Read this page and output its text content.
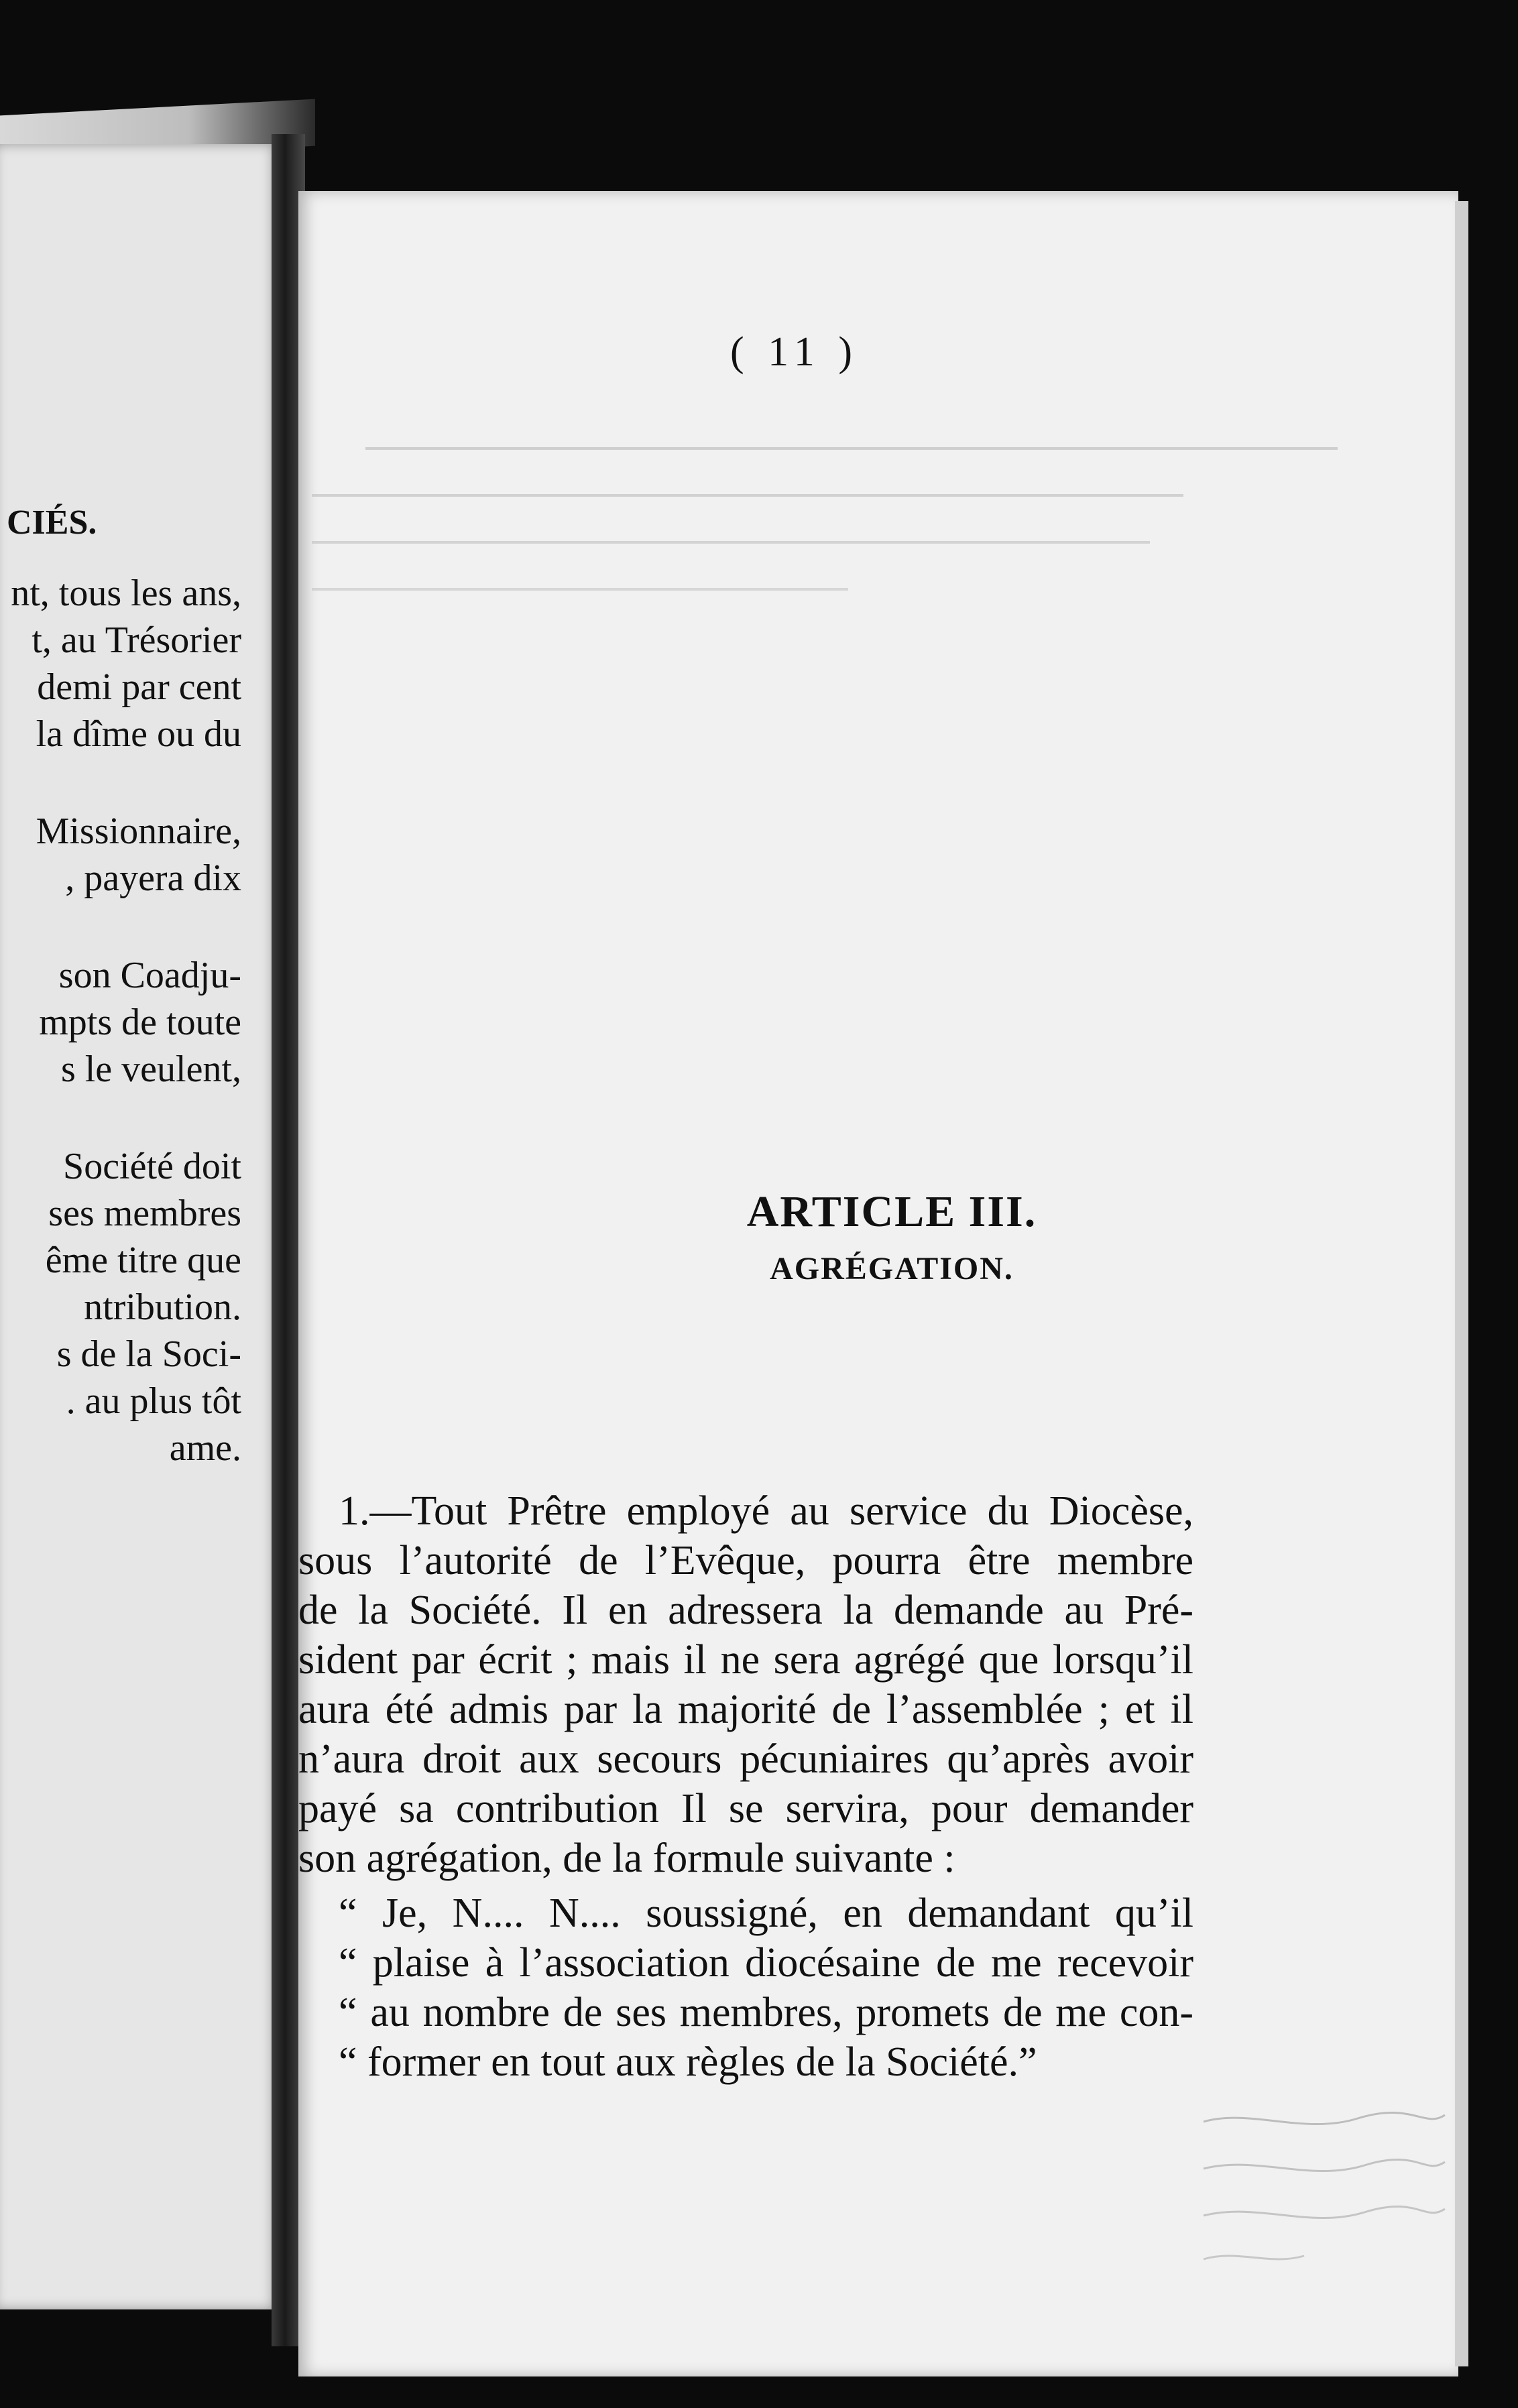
CIÉS.
nt, tous les ans,
t, au Trésorier
demi par cent
la dîme ou du
Missionnaire,
, payera dix
son Coadju-
mpts de toute
s le veulent,
Société doit
ses membres
ême titre que
ntribution.
s de la Soci-
. au plus tôt
ame.
( 11 )
ARTICLE III.
AGRÉGATION.
1.—Tout Prêtre employé au service du Diocèse,
sous l’autorité de l’Evêque, pourra être membre
de la Société. Il en adressera la demande au Pré-
sident par écrit ; mais il ne sera agrégé que lorsqu’il
aura été admis par la majorité de l’assemblée ; et il
n’aura droit aux secours pécuniaires qu’après avoir
payé sa contribution Il se servira, pour demander
son agrégation, de la formule suivante :
“ Je, N.... N.... soussigné, en demandant qu’il
“ plaise à l’association diocésaine de me recevoir
“ au nombre de ses membres, promets de me con-
“ former en tout aux règles de la Société.”
